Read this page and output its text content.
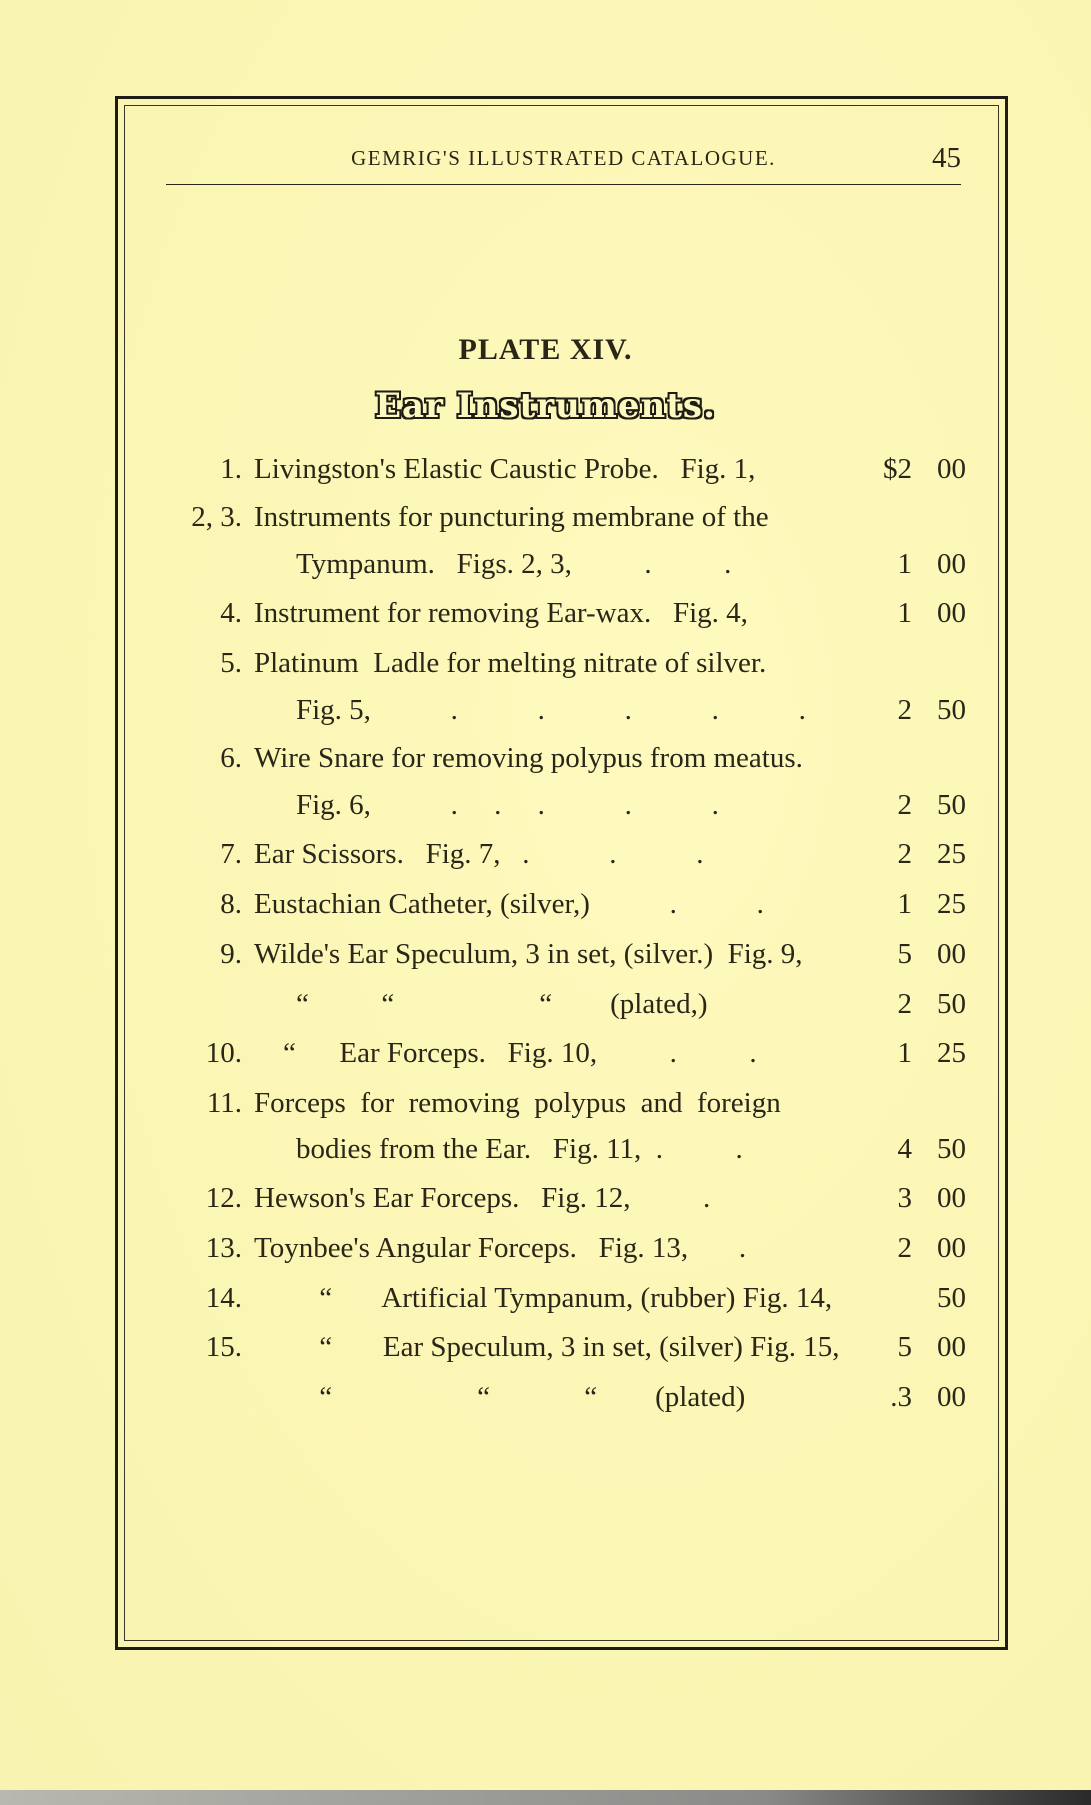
GEMRIG'S ILLUSTRATED CATALOGUE.	45
PLATE XIV.
Ear Instruments.
1. Livingston's Elastic Caustic Probe.   Fig. 1,	$2 00
2, 3. Instruments for puncturing membrane of the
Tympanum.   Figs. 2, 3,          .          .	1 00
4. Instrument for removing Ear-wax.   Fig. 4,	1 00
5. Platinum  Ladle for melting nitrate of silver.
Fig. 5,           .           .           .           .           .	2 50
6. Wire Snare for removing polypus from meatus.
Fig. 6,           .     .     .           .           .	2 50
7. Ear Scissors.   Fig. 7,   .           .           .	2 25
8. Eustachian Catheter, (silver,)           .           .	1 25
9. Wilde's Ear Speculum, 3 in set, (silver.)  Fig. 9,	5 00
“          “                    “        (plated,)	2 50
10. “      Ear Forceps.   Fig. 10,          .          .	1 25
11. Forceps  for  removing  polypus  and  foreign
bodies from the Ear.   Fig. 11,  .          .	4 50
12. Hewson's Ear Forceps.   Fig. 12,          .	3 00
13. Toynbee's Angular Forceps.   Fig. 13,       .	2 00
14. “       Artificial Tympanum, (rubber) Fig. 14,	50
15. “       Ear Speculum, 3 in set, (silver) Fig. 15,	5 00
“                    “             “        (plated)	.3 00
